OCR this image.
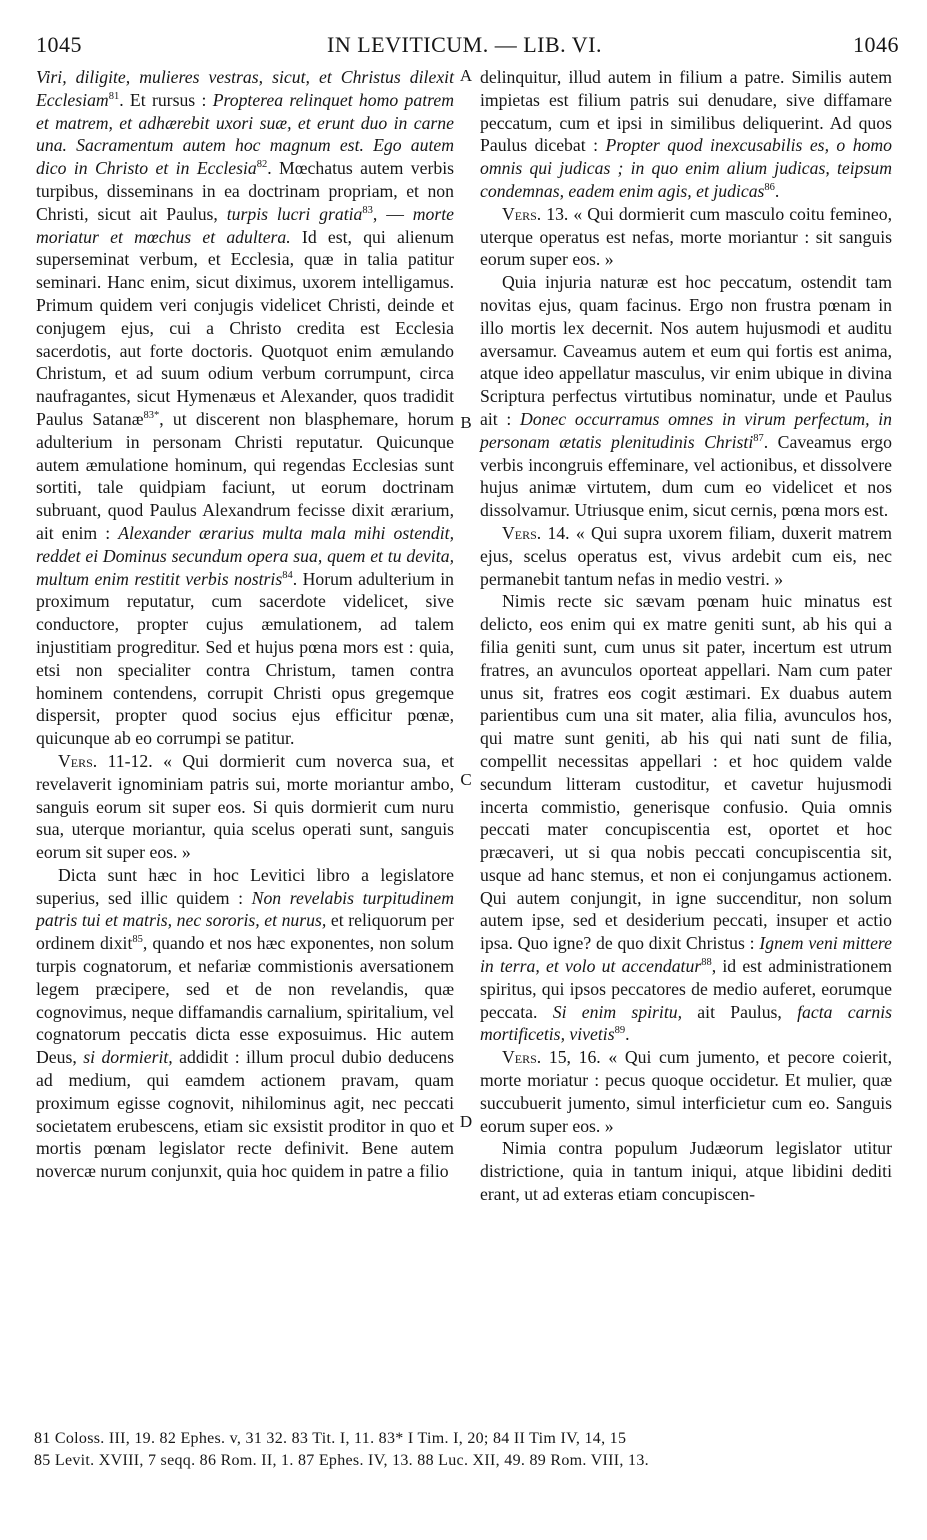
1045	IN LEVITICUM. — LIB. VI.	1046

Viri, diligite, mulieres vestras, sicut, et Christus dilexit Ecclesiam$^{81}$. Et rursus : Propterea relinquet homo patrem et matrem, et adhærebit uxori suæ, et erunt duo in carne una. Sacramentum autem hoc magnum est. Ego autem dico in Christo et in Ecclesia$^{82}$. Mœchatus autem verbis turpibus, disseminans in ea doctrinam propriam, et non Christi, sicut ait Paulus, turpis lucri gratia$^{83}$, — morte moriatur et mœchus et adultera. Id est, qui alienum superseminat verbum, et Ecclesia, quæ in talia patitur seminari. Hanc enim, sicut diximus, uxorem intelligamus. Primum quidem veri conjugis videlicet Christi, deinde et conjugem ejus, cui a Christo credita est Ecclesia sacerdotis, aut forte doctoris. Quotquot enim æmulando Christum, et ad suum odium verbum corrumpunt, circa naufragantes, sicut Hymenæus et Alexander, quos tradidit Paulus Satanæ$^{83*}$, ut discerent non blasphemare, horum adulterium in personam Christi reputatur. Quicunque autem æmulatione hominum, qui regendas Ecclesias sunt sortiti, tale quidpiam faciunt, ut eorum doctrinam subruant, quod Paulus Alexandrum fecisse dixit ærarium, ait enim : Alexander ærarius multa mala mihi ostendit, reddet ei Dominus secundum opera sua, quem et tu devita, multum enim restitit verbis nostris$^{84}$. Horum adulterium in proximum reputatur, cum sacerdote videlicet, sive conductore, propter cujus æmulationem, ad talem injustitiam progreditur. Sed et hujus pœna mors est : quia, etsi non specialiter contra Christum, tamen contra hominem contendens, corrupit Christi opus gregemque dispersit, propter quod socius ejus efficitur pœnæ, quicunque ab eo corrumpi se patitur.

Vers. 11-12. « Qui dormierit cum noverca sua, et revelaverit ignominiam patris sui, morte moriantur ambo, sanguis eorum sit super eos. Si quis dormierit cum nuru sua, uterque moriantur, quia scelus operati sunt, sanguis eorum sit super eos. »

Dicta sunt hæc in hoc Levitici libro a legislatore superius, sed illic quidem : Non revelabis turpitudinem patris tui et matris, nec sororis, et nurus, et reliquorum per ordinem dixit$^{85}$, quando et nos hæc exponentes, non solum turpis cognatorum, et nefariæ commistionis aversationem legem præcipere, sed et de non revelandis, quæ cognovimus, neque diffamandis carnalium, spiritalium, vel cognatorum peccatis dicta esse exposuimus. Hic autem Deus, si dormierit, addidit : illum procul dubio deducens ad medium, qui eamdem actionem pravam, quam proximum egisse cognovit, nihilominus agit, nec peccati societatem erubescens, etiam sic exsistit proditor in quo et mortis pœnam legislator recte definivit. Bene autem novercæ nurum conjunxit, quia hoc quidem in patre a filio

delinquitur, illud autem in filium a patre. Similis autem impietas est filium patris sui denudare, sive diffamare peccatum, cum et ipsi in similibus deliquerint. Ad quos Paulus dicebat : Propter quod inexcusabilis es, o homo omnis qui judicas ; in quo enim alium judicas, teipsum condemnas, eadem enim agis, et judicas$^{86}$.

Vers. 13. « Qui dormierit cum masculo coitu femineo, uterque operatus est nefas, morte moriantur : sit sanguis eorum super eos. »

Quia injuria naturæ est hoc peccatum, ostendit tam novitas ejus, quam facinus. Ergo non frustra pœnam in illo mortis lex decernit. Nos autem hujusmodi et auditu aversamur. Caveamus autem et eum qui fortis est anima, atque ideo appellatur masculus, vir enim ubique in divina Scriptura perfectus virtutibus nominatur, unde et Paulus ait : Donec occurramus omnes in virum perfectum, in personam ætatis plenitudinis Christi$^{87}$. Caveamus ergo verbis incongruis effeminare, vel actionibus, et dissolvere hujus animæ virtutem, dum cum eo videlicet et nos dissolvamur. Utriusque enim, sicut cernis, pœna mors est.

Vers. 14. « Qui supra uxorem filiam, duxerit matrem ejus, scelus operatus est, vivus ardebit cum eis, nec permanebit tantum nefas in medio vestri. »

Nimis recte sic sævam pœnam huic minatus est delicto, eos enim qui ex matre geniti sunt, ab his qui a filia geniti sunt, cum unus sit pater, incertum est utrum fratres, an avunculos oporteat appellari. Nam cum pater unus sit, fratres eos cogit æstimari. Ex duabus autem parientibus cum una sit mater, alia filia, avunculos hos, qui matre sunt geniti, ab his qui nati sunt de filia, compellit necessitas appellari : et hoc quidem valde secundum litteram custoditur, et cavetur hujusmodi incerta commistio, generisque confusio. Quia omnis peccati mater concupiscentia est, oportet et hoc præcaveri, ut si qua nobis peccati concupiscentia sit, usque ad hanc stemus, et non ei conjungamus actionem. Qui autem conjungit, in igne succenditur, non solum autem ipse, sed et desiderium peccati, insuper et actio ipsa. Quo igne? de quo dixit Christus : Ignem veni mittere in terra, et volo ut accendatur$^{88}$, id est administrationem spiritus, qui ipsos peccatores de medio auferet, eorumque peccata. Si enim spiritu, ait Paulus, facta carnis mortificetis, vivetis$^{89}$.

Vers. 15, 16. « Qui cum jumento, et pecore coierit, morte moriatur : pecus quoque occidetur. Et mulier, quæ succubuerit jumento, simul interficietur cum eo. Sanguis eorum super eos. »

Nimia contra populum Judæorum legislator utitur districtione, quia in tantum iniqui, atque libidini dediti erant, ut ad exteras etiam concupiscen-

A
B
C
D
81 Coloss. III, 19. 82 Ephes. v, 31 32. 83 Tit. I, 11. 83* I Tim. I, 20; 84 II Tim IV, 14, 15
85 Levit. XVIII, 7 seqq. 86 Rom. II, 1. 87 Ephes. IV, 13. 88 Luc. XII, 49. 89 Rom. VIII, 13.
